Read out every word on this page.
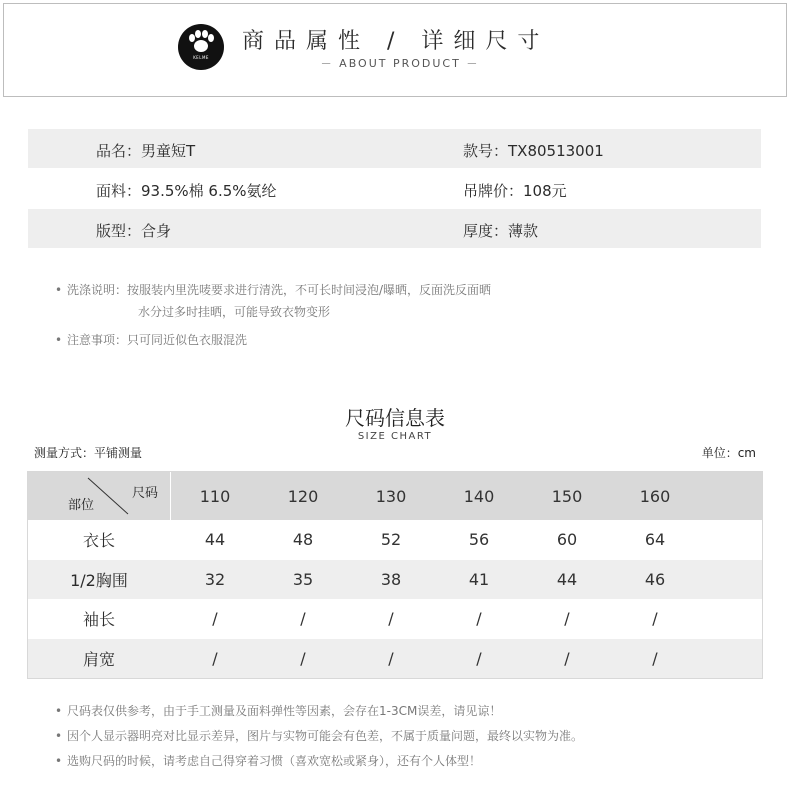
KELME
商品属性 / 详细尺寸
－ ABOUT PRODUCT －
品名：男童短T	款号：TX80513001
面料：93.5%棉 6.5%氨纶	吊牌价：108元
版型：合身	厚度：薄款
• 洗涤说明：按服装内里洗唛要求进行清洗，不可长时间浸泡/曝晒，反面洗反面晒
水分过多时挂晒，可能导致衣物变形
• 注意事项：只可同近似色衣服混洗
尺码信息表
SIZE CHART
测量方式：平铺测量	单位：cm
尺码
部位	110	120	130	140	150	160
衣长	44	48	52	56	60	64
1/2胸围	32	35	38	41	44	46
袖长	/	/	/	/	/	/
肩宽	/	/	/	/	/	/
• 尺码表仅供参考，由于手工测量及面料弹性等因素，会存在1-3CM误差，请见谅！
• 因个人显示器明亮对比显示差异，图片与实物可能会有色差，不属于质量问题，最终以实物为准。
• 选购尺码的时候，请考虑自己得穿着习惯（喜欢宽松或紧身），还有个人体型！
